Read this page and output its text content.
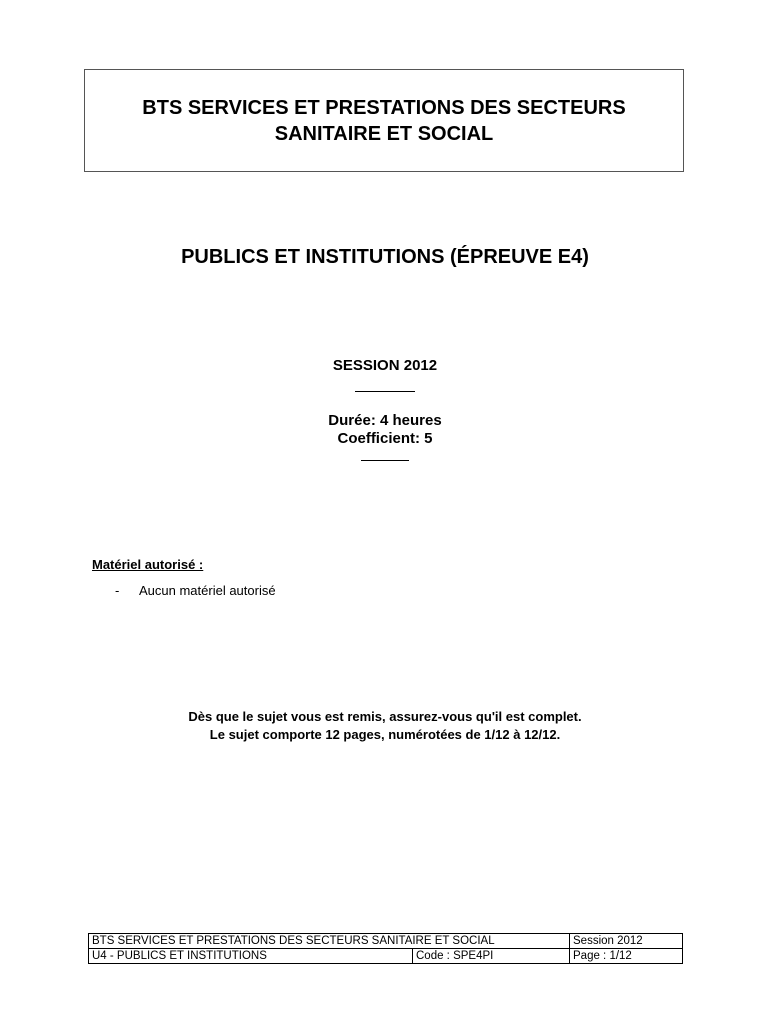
BTS SERVICES ET PRESTATIONS DES SECTEURS
SANITAIRE ET SOCIAL
PUBLICS ET INSTITUTIONS (ÉPREUVE E4)
SESSION 2012
Durée: 4 heures
Coefficient: 5
Matériel autorisé :
- Aucun matériel autorisé
Dès que le sujet vous est remis, assurez-vous qu'il est complet.
Le sujet comporte 12 pages, numérotées de 1/12 à 12/12.
BTS SERVICES ET PRESTATIONS DES SECTEURS SANITAIRE ET SOCIAL		Session 2012
U4 - PUBLICS ET INSTITUTIONS	Code : SPE4PI	Page : 1/12
